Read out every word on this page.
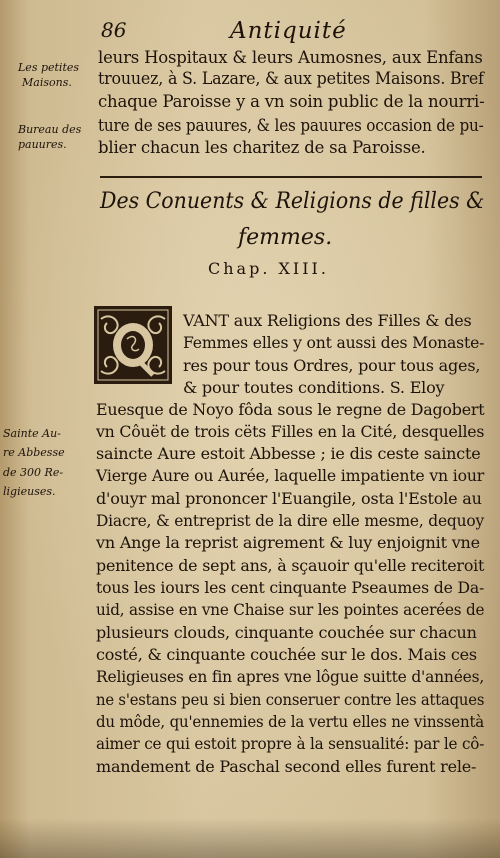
86	Antiquité
Les petites
Maisons.
Bureau des
pauures.
Sainte Au-
re Abbesse
de 300 Re-
ligieuses.
leurs Hospitaux & leurs Aumosnes, aux Enfans
trouuez, à S. Lazare, & aux petites Maisons. Bref
chaque Paroisse y a vn soin public de la nourri-
ture de ses pauures, & les pauures occasion de pu-
blier chacun les charitez de sa Paroisse.
Des Conuents & Religions de filles &
femmes.
Chap. XIII.
VANT aux Religions des Filles & des
Femmes elles y ont aussi des Monaste-
res pour tous Ordres, pour tous ages,
& pour toutes conditions. S. Eloy
Euesque de Noyo fôda sous le regne de Dagobert
vn Côuët de trois cëts Filles en la Cité, desquelles
saincte Aure estoit Abbesse ; ie dis ceste saincte
Vierge Aure ou Aurée, laquelle impatiente vn iour
d'ouyr mal prononcer l'Euangile, osta l'Estole au
Diacre, & entreprist de la dire elle mesme, dequoy
vn Ange la reprist aigrement & luy enjoignit vne
penitence de sept ans, à sçauoir qu'elle reciteroit
tous les iours les cent cinquante Pseaumes de Da-
uid, assise en vne Chaise sur les pointes acerées de
plusieurs clouds, cinquante couchée sur chacun
costé, & cinquante couchée sur le dos. Mais ces
Religieuses en fin apres vne lôgue suitte d'années,
ne s'estans peu si bien conseruer contre les attaques
du môde, qu'ennemies de la vertu elles ne vinssentà
aimer ce qui estoit propre à la sensualité: par le cô-
mandement de Paschal second elles furent rele-
